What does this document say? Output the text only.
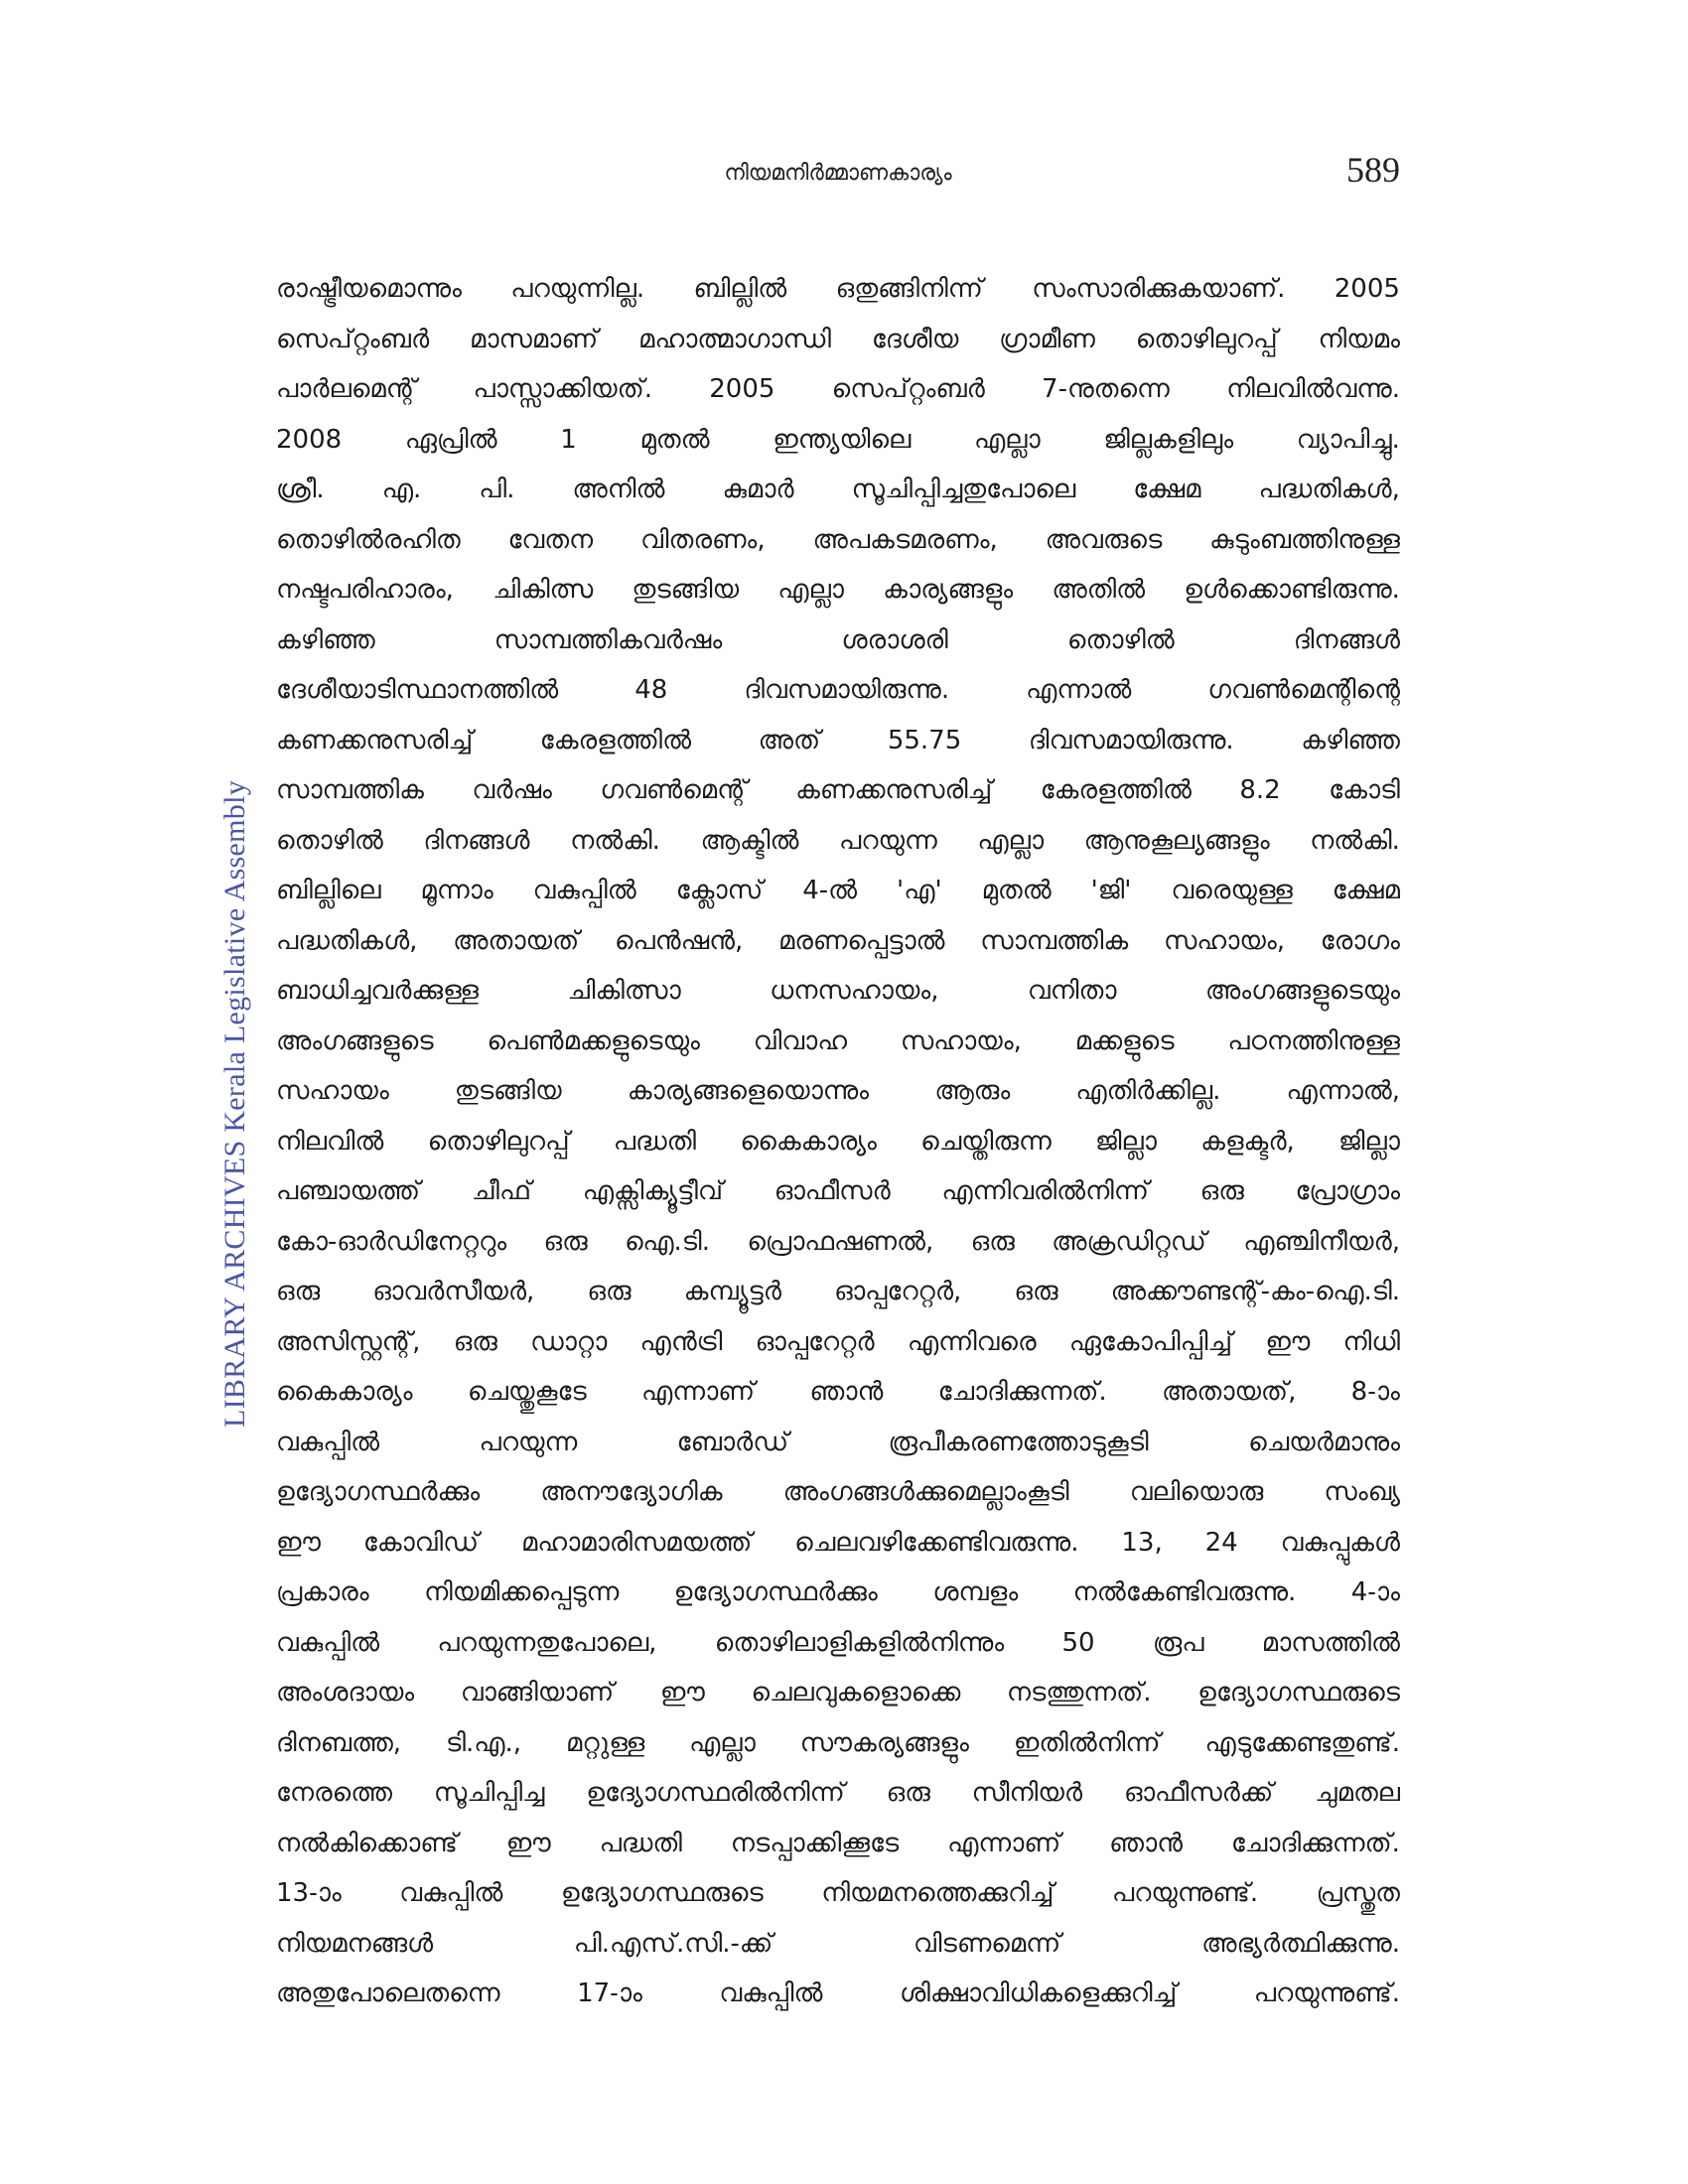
നിയമനിർമ്മാണകാര്യം	589
LIBRARY ARCHIVES Kerala Legislative Assembly
രാഷ്ട്രീയമൊന്നും പറയുന്നില്ല. ബില്ലിൽ ഒതുങ്ങിനിന്ന് സംസാരിക്കുകയാണ്. 2005
സെപ്റ്റംബർ മാസമാണ് മഹാത്മാഗാന്ധി ദേശീയ ഗ്രാമീണ തൊഴിലുറപ്പ് നിയമം
പാർലമെന്റ് പാസ്സാക്കിയത്. 2005 സെപ്റ്റംബർ 7-നുതന്നെ നിലവിൽവന്നു.
2008 ഏപ്രിൽ 1 മുതൽ ഇന്ത്യയിലെ എല്ലാ ജില്ലകളിലും വ്യാപിച്ചു.
ശ്രീ. എ. പി. അനിൽ കുമാർ സൂചിപ്പിച്ചതുപോലെ ക്ഷേമ പദ്ധതികൾ,
തൊഴിൽരഹിത വേതന വിതരണം, അപകടമരണം, അവരുടെ കുടുംബത്തിനുള്ള
നഷ്ടപരിഹാരം, ചികിത്സ തുടങ്ങിയ എല്ലാ കാര്യങ്ങളും അതിൽ ഉൾക്കൊണ്ടിരുന്നു.
കഴിഞ്ഞ	സാമ്പത്തികവർഷം	ശരാശരി	തൊഴിൽ	ദിനങ്ങൾ
ദേശീയാടിസ്ഥാനത്തിൽ	48	ദിവസമായിരുന്നു.	എന്നാൽ	ഗവൺമെന്റിന്റെ
കണക്കനുസരിച്ച്	കേരളത്തിൽ	അത്	55.75	ദിവസമായിരുന്നു.	കഴിഞ്ഞ
സാമ്പത്തിക വർഷം ഗവൺമെന്റ് കണക്കനുസരിച്ച് കേരളത്തിൽ 8.2 കോടി
തൊഴിൽ ദിനങ്ങൾ നൽകി. ആക്ടിൽ പറയുന്ന എല്ലാ ആനുകൂല്യങ്ങളും നൽകി.
ബില്ലിലെ മൂന്നാം വകുപ്പിൽ ക്ലോസ് 4-ൽ 'എ' മുതൽ 'ജി' വരെയുള്ള ക്ഷേമ
പദ്ധതികൾ, അതായത് പെൻഷൻ, മരണപ്പെട്ടാൽ സാമ്പത്തിക സഹായം, രോഗം
ബാധിച്ചവർക്കുള്ള	ചികിത്സാ	ധനസഹായം,	വനിതാ	അംഗങ്ങളുടെയും
അംഗങ്ങളുടെ പെൺമക്കളുടെയും വിവാഹ സഹായം, മക്കളുടെ പഠനത്തിനുള്ള
സഹായം	തുടങ്ങിയ	കാര്യങ്ങളെയൊന്നും	ആരും	എതിർക്കില്ല.	എന്നാൽ,
നിലവിൽ തൊഴിലുറപ്പ് പദ്ധതി കൈകാര്യം ചെയ്തിരുന്ന ജില്ലാ കളക്ടർ, ജില്ലാ
പഞ്ചായത്ത് ചീഫ് എക്സിക്യൂട്ടീവ് ഓഫീസർ എന്നിവരിൽനിന്ന് ഒരു പ്രോഗ്രാം
കോ-ഓർഡിനേറ്ററും ഒരു ഐ.ടി. പ്രൊഫഷണൽ, ഒരു അക്രഡിറ്റഡ് എഞ്ചിനീയർ,
ഒരു ഓവർസീയർ, ഒരു കമ്പ്യൂട്ടർ ഓപ്പറേറ്റർ, ഒരു അക്കൗണ്ടന്റ്-കം-ഐ.ടി.
അസിസ്റ്റന്റ്, ഒരു ഡാറ്റാ എൻട്രി ഓപ്പറേറ്റർ എന്നിവരെ ഏകോപിപ്പിച്ച് ഈ നിധി
കൈകാര്യം ചെയ്തുകൂടേ എന്നാണ് ഞാൻ ചോദിക്കുന്നത്. അതായത്, 8-ാം
വകുപ്പിൽ	പറയുന്ന	ബോർഡ്	രൂപീകരണത്തോടുകൂടി	ചെയർമാനും
ഉദ്യോഗസ്ഥർക്കും അനൗദ്യോഗിക അംഗങ്ങൾക്കുമെല്ലാംകൂടി വലിയൊരു സംഖ്യ
ഈ കോവിഡ് മഹാമാരിസമയത്ത് ചെലവഴിക്കേണ്ടിവരുന്നു. 13, 24 വകുപ്പുകൾ
പ്രകാരം നിയമിക്കപ്പെടുന്ന ഉദ്യോഗസ്ഥർക്കും ശമ്പളം നൽകേണ്ടിവരുന്നു. 4-ാം
വകുപ്പിൽ പറയുന്നതുപോലെ, തൊഴിലാളികളിൽനിന്നും 50 രൂപ മാസത്തിൽ
അംശദായം വാങ്ങിയാണ് ഈ ചെലവുകളൊക്കെ നടത്തുന്നത്. ഉദ്യോഗസ്ഥരുടെ
ദിനബത്ത, ടി.എ., മറ്റുള്ള എല്ലാ സൗകര്യങ്ങളും ഇതിൽനിന്ന് എടുക്കേണ്ടതുണ്ട്.
നേരത്തെ സൂചിപ്പിച്ച ഉദ്യോഗസ്ഥരിൽനിന്ന് ഒരു സീനിയർ ഓഫീസർക്ക് ചുമതല
നൽകിക്കൊണ്ട് ഈ പദ്ധതി നടപ്പാക്കിക്കൂടേ എന്നാണ് ഞാൻ ചോദിക്കുന്നത്.
13-ാം വകുപ്പിൽ ഉദ്യോഗസ്ഥരുടെ നിയമനത്തെക്കുറിച്ച് പറയുന്നുണ്ട്. പ്രസ്തുത
നിയമനങ്ങൾ	പി.എസ്.സി.-ക്ക്	വിടണമെന്ന്	അഭ്യർത്ഥിക്കുന്നു.
അതുപോലെതന്നെ	17-ാം	വകുപ്പിൽ	ശിക്ഷാവിധികളെക്കുറിച്ച്	പറയുന്നുണ്ട്.
